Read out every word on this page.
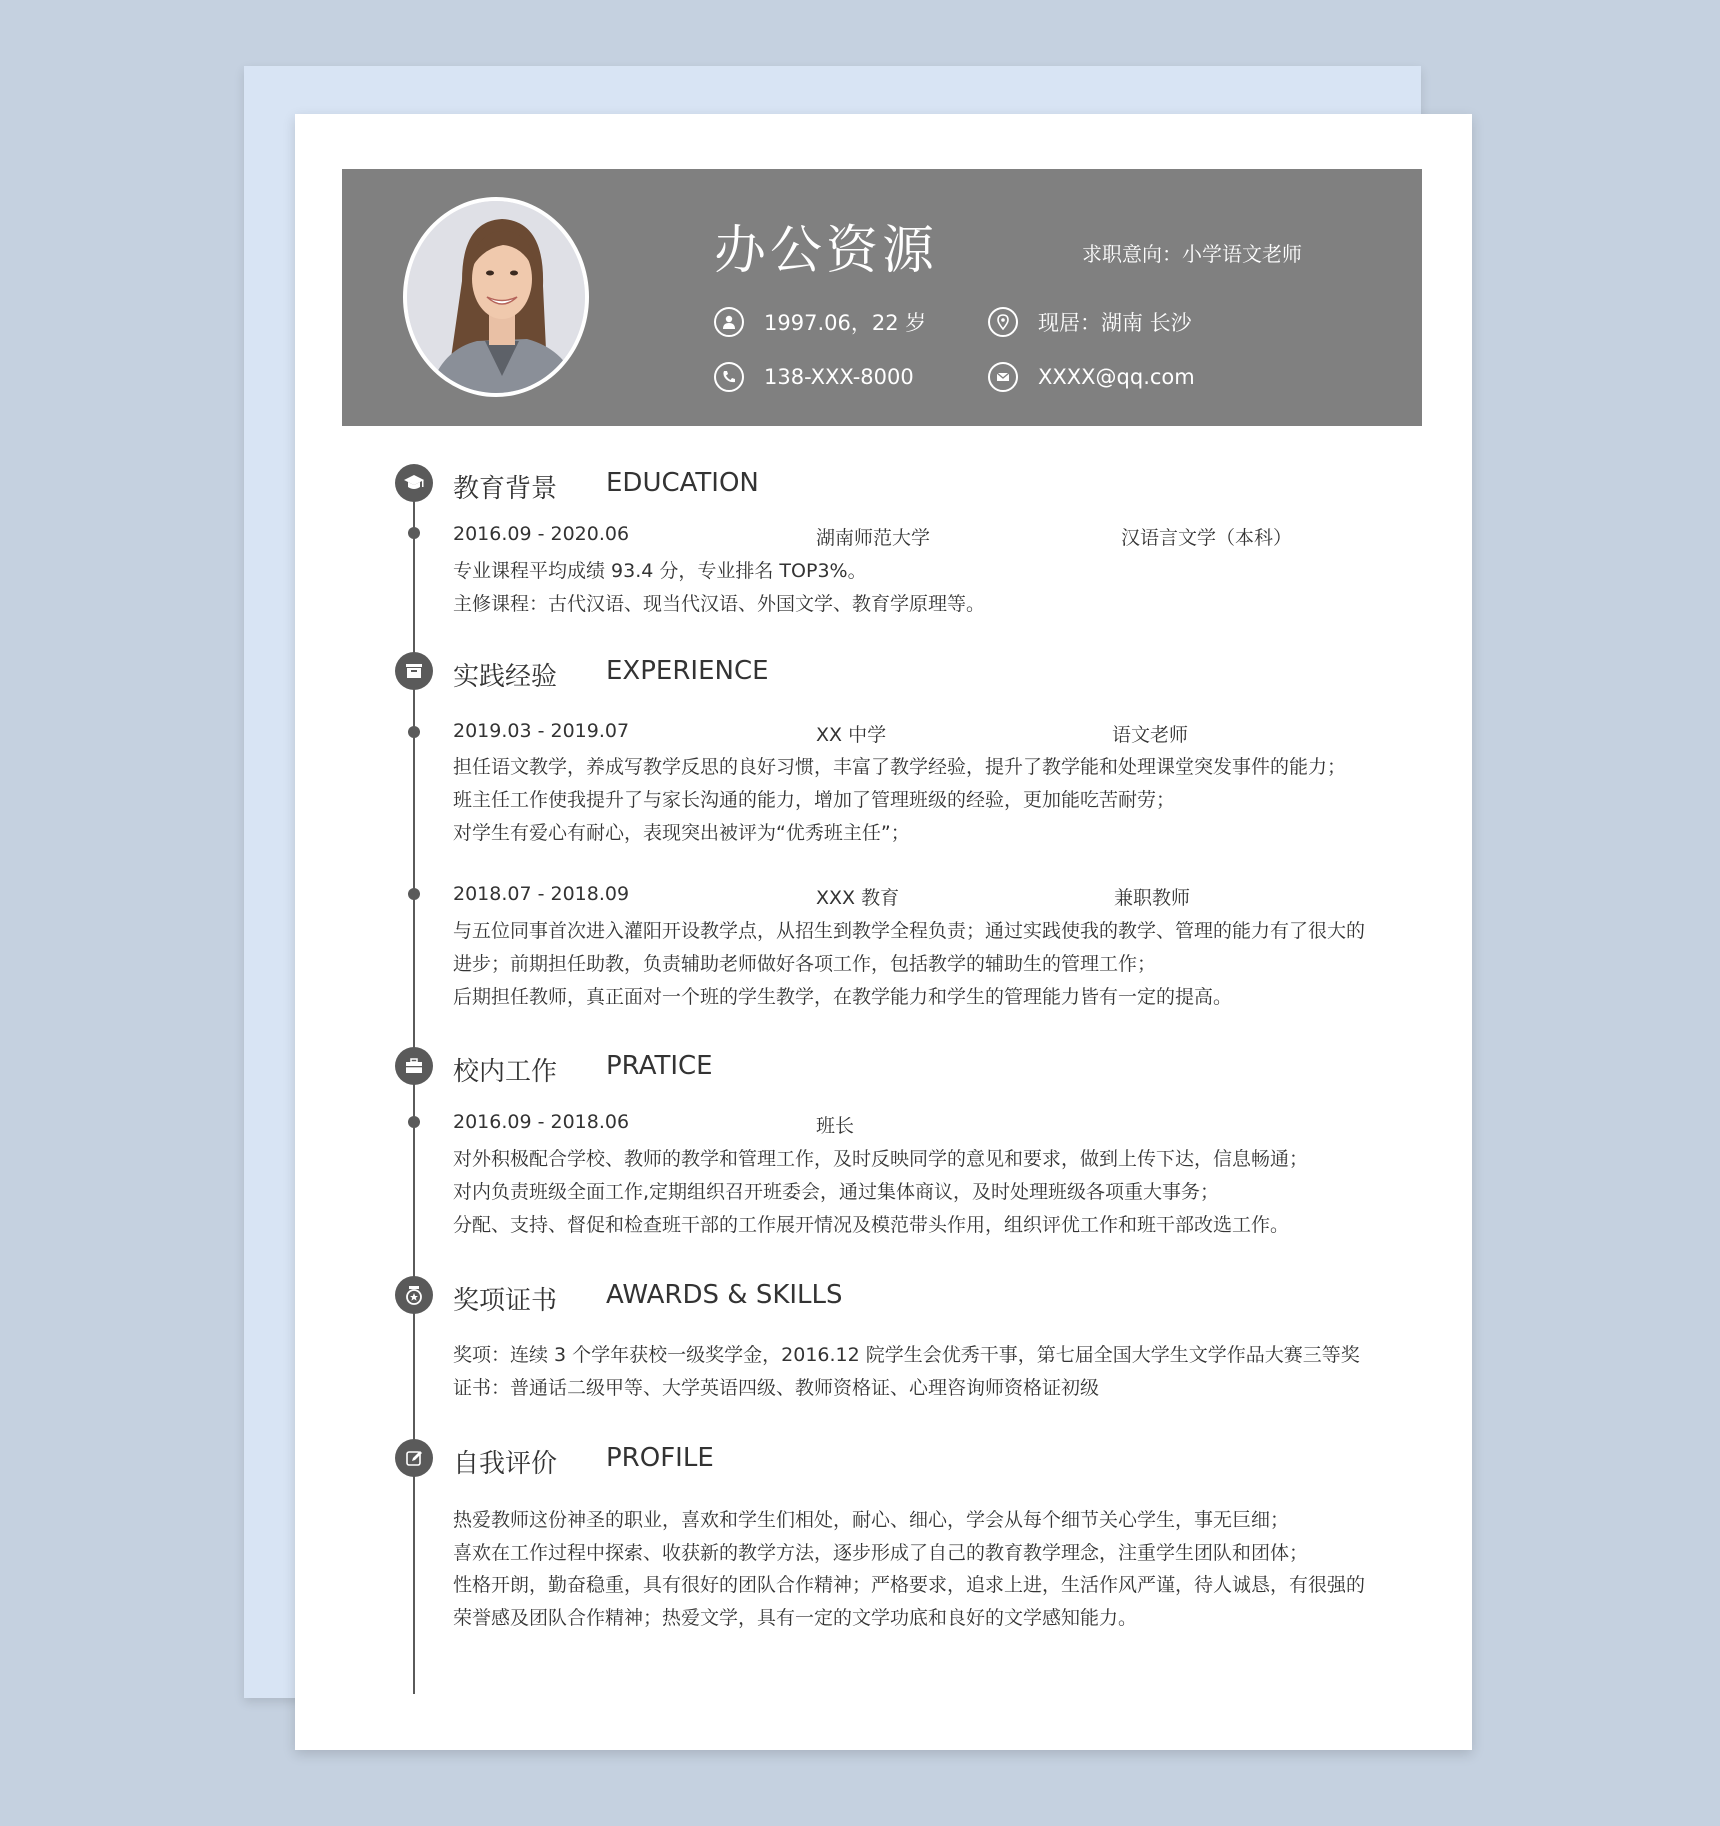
办公资源	求职意向：小学语文老师
1997.06，22 岁	现居：湖南 长沙
138-XXX-8000	XXXX@qq.com
教育背景 EDUCATION
2016.09 - 2020.06	湖南师范大学	汉语言文学（本科）
专业课程平均成绩 93.4 分，专业排名 TOP3%。
主修课程：古代汉语、现当代汉语、外国文学、教育学原理等。
实践经验 EXPERIENCE
2019.03 - 2019.07	XX 中学	语文老师
担任语文教学，养成写教学反思的良好习惯，丰富了教学经验，提升了教学能和处理课堂突发事件的能力；
班主任工作使我提升了与家长沟通的能力，增加了管理班级的经验，更加能吃苦耐劳；
对学生有爱心有耐心，表现突出被评为“优秀班主任”；
2018.07 - 2018.09	XXX 教育	兼职教师
与五位同事首次进入灌阳开设教学点，从招生到教学全程负责；通过实践使我的教学、管理的能力有了很大的
进步；前期担任助教，负责辅助老师做好各项工作，包括教学的辅助生的管理工作；
后期担任教师，真正面对一个班的学生教学，在教学能力和学生的管理能力皆有一定的提高。
校内工作 PRATICE
2016.09 - 2018.06	班长
对外积极配合学校、教师的教学和管理工作，及时反映同学的意见和要求，做到上传下达，信息畅通；
对内负责班级全面工作,定期组织召开班委会，通过集体商议，及时处理班级各项重大事务；
分配、支持、督促和检查班干部的工作展开情况及模范带头作用，组织评优工作和班干部改选工作。
奖项证书 AWARDS & SKILLS
奖项：连续 3 个学年获校一级奖学金，2016.12 院学生会优秀干事，第七届全国大学生文学作品大赛三等奖
证书：普通话二级甲等、大学英语四级、教师资格证、心理咨询师资格证初级
自我评价 PROFILE
热爱教师这份神圣的职业，喜欢和学生们相处，耐心、细心，学会从每个细节关心学生，事无巨细；
喜欢在工作过程中探索、收获新的教学方法，逐步形成了自己的教育教学理念，注重学生团队和团体；
性格开朗，勤奋稳重，具有很好的团队合作精神；严格要求，追求上进，生活作风严谨，待人诚恳，有很强的
荣誉感及团队合作精神；热爱文学，具有一定的文学功底和良好的文学感知能力。
